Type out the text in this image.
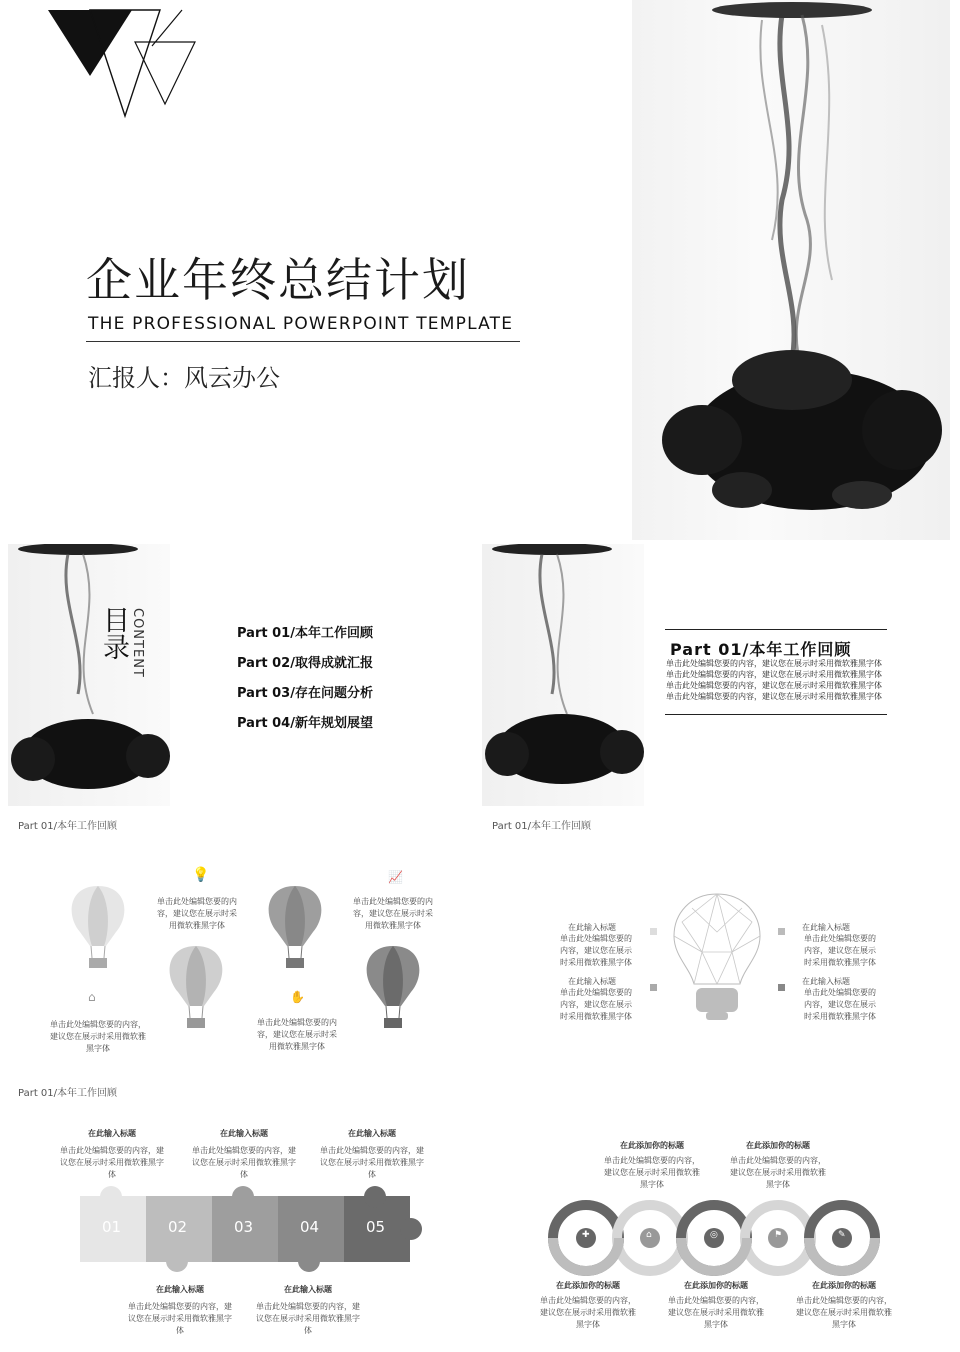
企业年终总结计划
THE PROFESSIONAL POWERPOINT TEMPLATE
汇报人：风云办公
目录 CONTENT	Part 01/本年工作回顾
Part 02/取得成就汇报
Part 03/存在问题分析
Part 04/新年规划展望
Part 01/本年工作回顾
单击此处编辑您要的内容，建议您在展示时采用微软雅黑字体单击此处编辑您要的内容，建议您在展示时采用微软雅黑字体单击此处编辑您要的内容，建议您在展示时采用微软雅黑字体单击此处编辑您要的内容，建议您在展示时采用微软雅黑字体
Part 01/本年工作回顾
💡
单击此处编辑您要的内容，建议您在展示时采用微软雅黑字体
📈
单击此处编辑您要的内容，建议您在展示时采用微软雅黑字体
⌂
单击此处编辑您要的内容，建议您在展示时采用微软雅黑字体
✋
单击此处编辑您要的内容，建议您在展示时采用微软雅黑字体
Part 01/本年工作回顾
在此输入标题
单击此处编辑您要的内容，建议您在展示时采用微软雅黑字体
在此输入标题
单击此处编辑您要的内容，建议您在展示时采用微软雅黑字体
在此输入标题
单击此处编辑您要的内容，建议您在展示时采用微软雅黑字体
在此输入标题
单击此处编辑您要的内容，建议您在展示时采用微软雅黑字体
Part 01/本年工作回顾
在此输入标题
单击此处编辑您要的内容，建议您在展示时采用微软雅黑字体
在此输入标题
单击此处编辑您要的内容，建议您在展示时采用微软雅黑字体
在此输入标题
单击此处编辑您要的内容，建议您在展示时采用微软雅黑字体
01	02	03	04	05
在此输入标题
单击此处编辑您要的内容，建议您在展示时采用微软雅黑字体
在此输入标题
单击此处编辑您要的内容，建议您在展示时采用微软雅黑字体
在此添加你的标题
单击此处编辑您要的内容，建议您在展示时采用微软雅黑字体
在此添加你的标题
单击此处编辑您要的内容，建议您在展示时采用微软雅黑字体
✚	⌂	◎	⚑	✎
在此添加你的标题
单击此处编辑您要的内容，建议您在展示时采用微软雅黑字体
在此添加你的标题
单击此处编辑您要的内容，建议您在展示时采用微软雅黑字体
在此添加你的标题
单击此处编辑您要的内容，建议您在展示时采用微软雅黑字体
